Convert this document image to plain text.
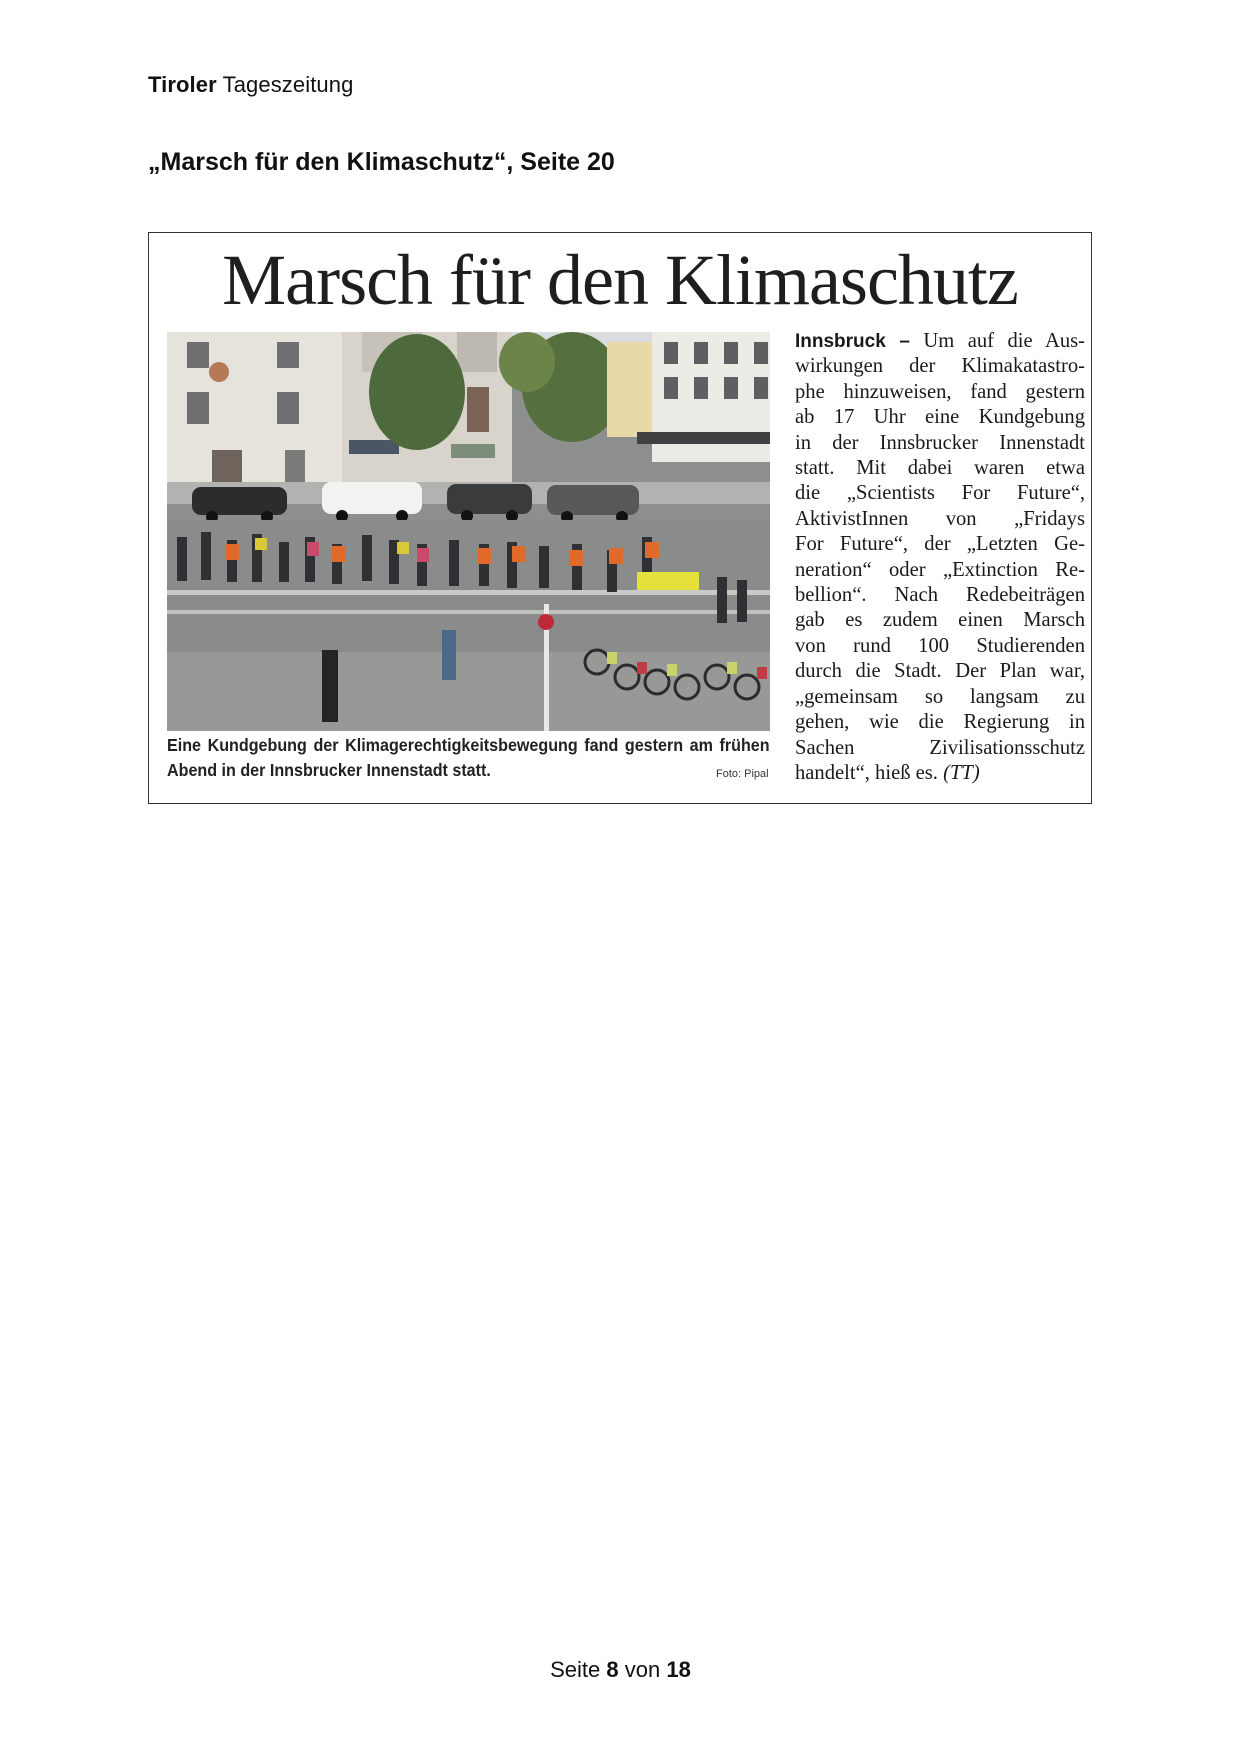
Tiroler Tageszeitung
„Marsch für den Klimaschutz“, Seite 20
Marsch für den Klimaschutz
Eine Kundgebung der Klimagerechtigkeitsbewegung fand gestern am frühen Abend in der Innsbrucker Innenstadt statt.	Foto: Pipal
Innsbruck – Um auf die Aus-
wirkungen der Klimakatastro-
phe hinzuweisen, fand gestern
ab 17 Uhr eine Kundgebung
in der Innsbrucker Innenstadt
statt. Mit dabei waren etwa
die „Scientists For Future“,
AktivistInnen von „Fridays
For Future“, der „Letzten Ge-
neration“ oder „Extinction Re-
bellion“. Nach Redebeiträgen
gab es zudem einen Marsch
von rund 100 Studierenden
durch die Stadt. Der Plan war,
„gemeinsam so langsam zu
gehen, wie die Regierung in
Sachen Zivilisationsschutz
handelt“, hieß es. (TT)
Seite 8 von 18
